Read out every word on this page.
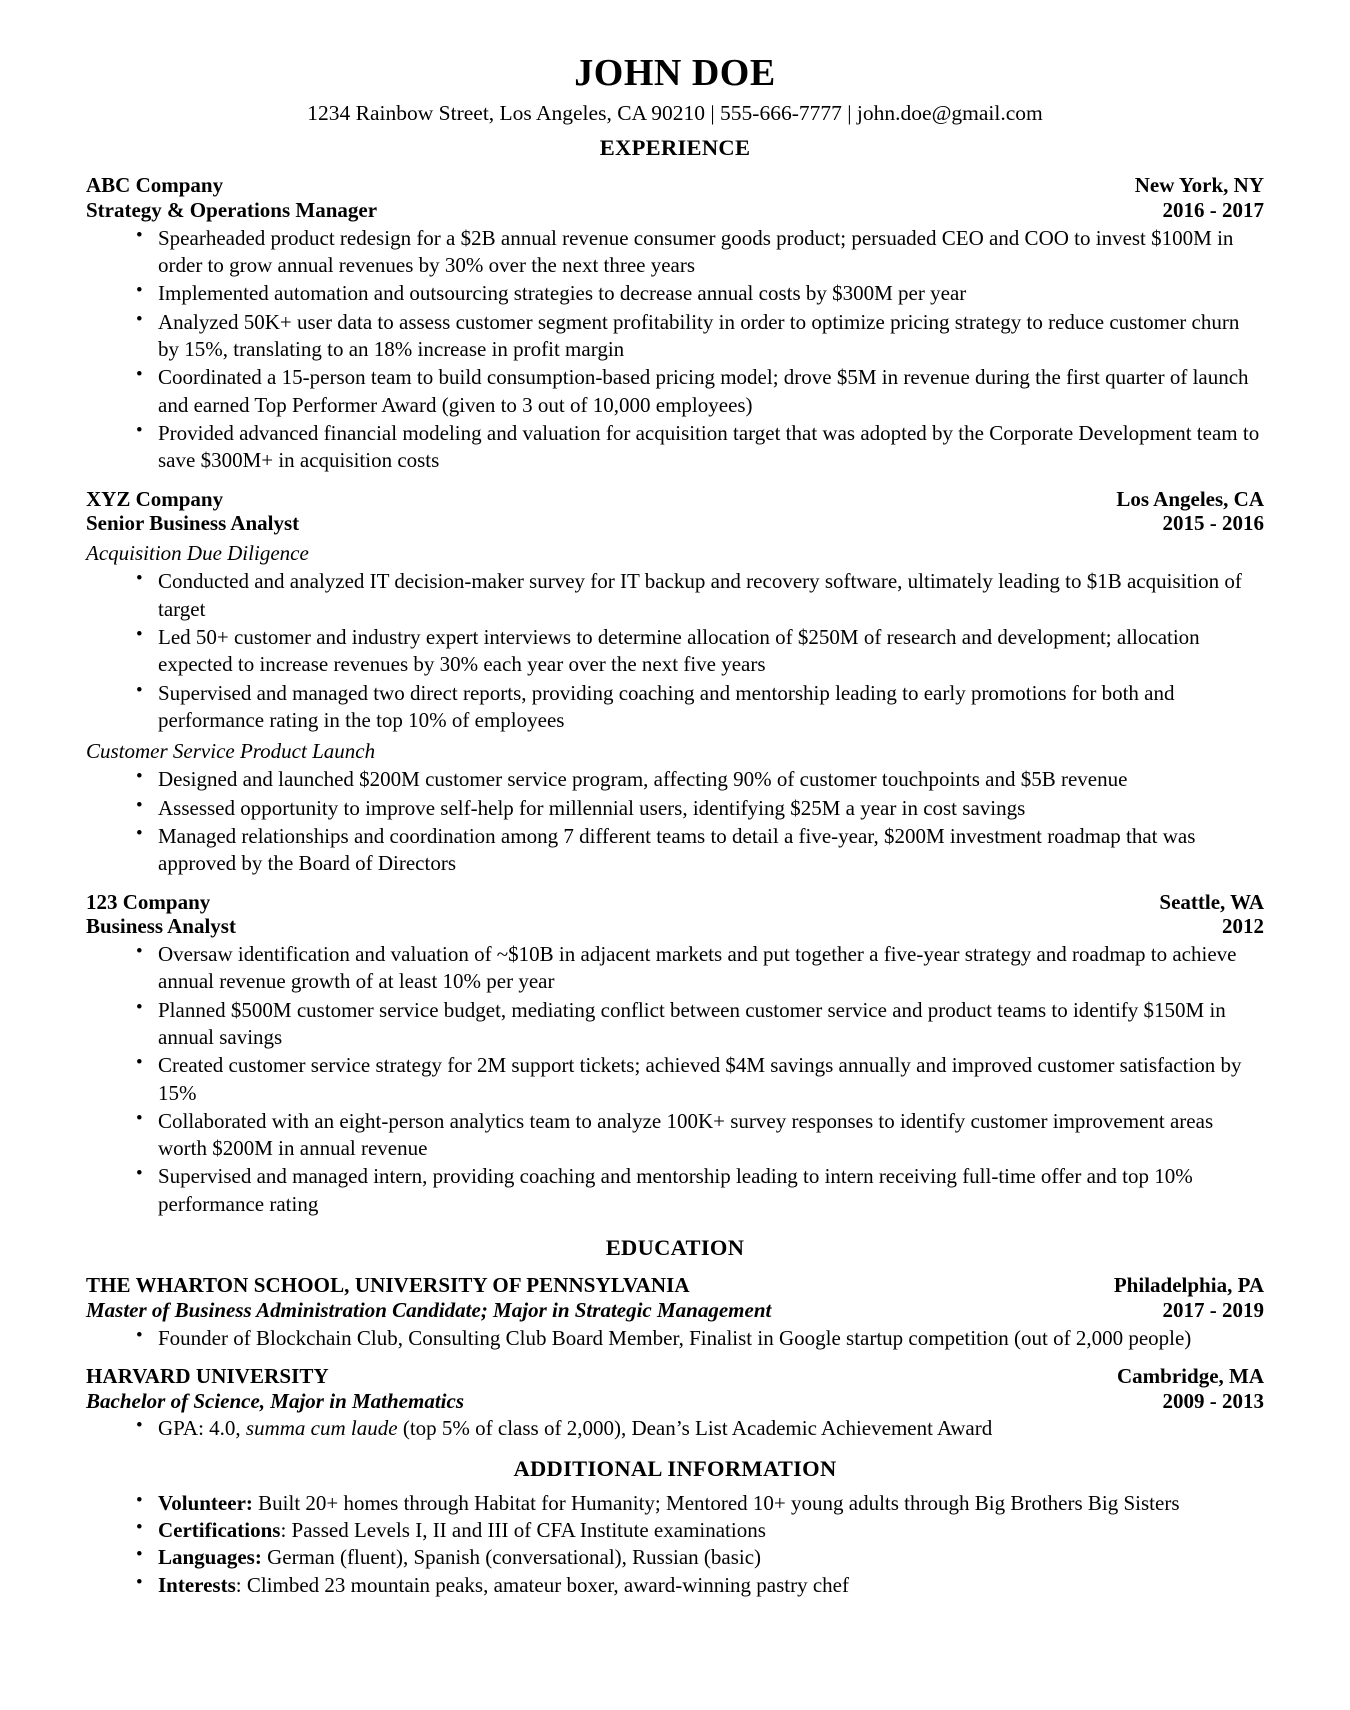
JOHN DOE
1234 Rainbow Street, Los Angeles, CA 90210 | 555-666-7777 | john.doe@gmail.com
EXPERIENCE
ABC Company
Strategy & Operations Manager
New York, NY
2016 - 2017
• Spearheaded product redesign for a $2B annual revenue consumer goods product; persuaded CEO and COO to invest $100M in order to grow annual revenues by 30% over the next three years
• Implemented automation and outsourcing strategies to decrease annual costs by $300M per year
• Analyzed 50K+ user data to assess customer segment profitability in order to optimize pricing strategy to reduce customer churn by 15%, translating to an 18% increase in profit margin
• Coordinated a 15-person team to build consumption-based pricing model; drove $5M in revenue during the first quarter of launch and earned Top Performer Award (given to 3 out of 10,000 employees)
• Provided advanced financial modeling and valuation for acquisition target that was adopted by the Corporate Development team to save $300M+ in acquisition costs
XYZ Company
Senior Business Analyst
Los Angeles, CA
2015 - 2016
Acquisition Due Diligence
• Conducted and analyzed IT decision-maker survey for IT backup and recovery software, ultimately leading to $1B acquisition of target
• Led 50+ customer and industry expert interviews to determine allocation of $250M of research and development; allocation expected to increase revenues by 30% each year over the next five years
• Supervised and managed two direct reports, providing coaching and mentorship leading to early promotions for both and performance rating in the top 10% of employees
Customer Service Product Launch
• Designed and launched $200M customer service program, affecting 90% of customer touchpoints and $5B revenue
• Assessed opportunity to improve self-help for millennial users, identifying $25M a year in cost savings
• Managed relationships and coordination among 7 different teams to detail a five-year, $200M investment roadmap that was approved by the Board of Directors
123 Company
Business Analyst
Seattle, WA
2012
• Oversaw identification and valuation of ~$10B in adjacent markets and put together a five-year strategy and roadmap to achieve annual revenue growth of at least 10% per year
• Planned $500M customer service budget, mediating conflict between customer service and product teams to identify $150M in annual savings
• Created customer service strategy for 2M support tickets; achieved $4M savings annually and improved customer satisfaction by 15%
• Collaborated with an eight-person analytics team to analyze 100K+ survey responses to identify customer improvement areas worth $200M in annual revenue
• Supervised and managed intern, providing coaching and mentorship leading to intern receiving full-time offer and top 10% performance rating
EDUCATION
THE WHARTON SCHOOL, UNIVERSITY OF PENNSYLVANIA
Master of Business Administration Candidate; Major in Strategic Management
Philadelphia, PA
2017 - 2019
• Founder of Blockchain Club, Consulting Club Board Member, Finalist in Google startup competition (out of 2,000 people)
HARVARD UNIVERSITY
Bachelor of Science, Major in Mathematics
Cambridge, MA
2009 - 2013
• GPA: 4.0, summa cum laude (top 5% of class of 2,000), Dean’s List Academic Achievement Award
ADDITIONAL INFORMATION
• Volunteer: Built 20+ homes through Habitat for Humanity; Mentored 10+ young adults through Big Brothers Big Sisters
• Certifications: Passed Levels I, II and III of CFA Institute examinations
• Languages: German (fluent), Spanish (conversational), Russian (basic)
• Interests: Climbed 23 mountain peaks, amateur boxer, award-winning pastry chef
